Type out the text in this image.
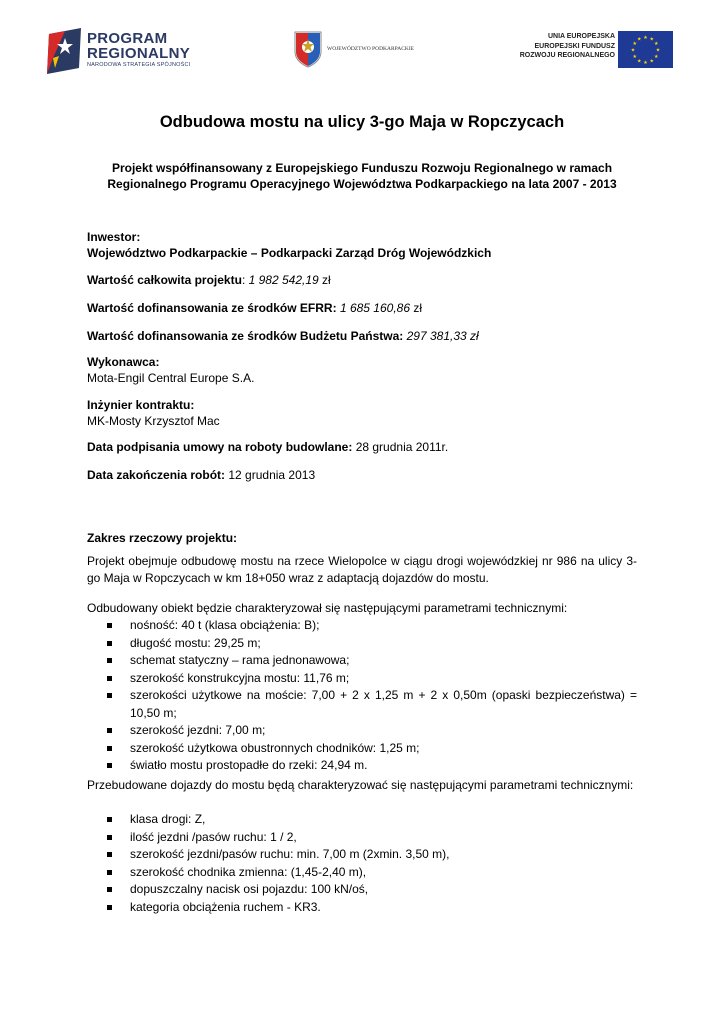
PROGRAM
REGIONALNY
NARODOWA STRATEGIA SPÓJNOŚCI
WOJEWÓDZTWO PODKARPACKIE
UNIA EUROPEJSKA
EUROPEJSKI FUNDUSZ
ROZWOJU REGIONALNEGO
★ ★
★
★
★
★
★
★
★
★
★
★
Odbudowa mostu na ulicy 3-go Maja w Ropczycach
Projekt współfinansowany z Europejskiego Funduszu Rozwoju Regionalnego w ramach
Regionalnego Programu Operacyjnego Województwa Podkarpackiego na lata 2007 - 2013
Inwestor:
Województwo Podkarpackie – Podkarpacki Zarząd Dróg Wojewódzkich
Wartość całkowita projektu: 1 982 542,19 zł
Wartość dofinansowania ze środków EFRR: 1 685 160,86 zł
Wartość dofinansowania ze środków Budżetu Państwa: 297 381,33 zł
Wykonawca:
Mota-Engil Central Europe S.A.
Inżynier kontraktu:
MK-Mosty Krzysztof Mac
Data podpisania umowy na roboty budowlane: 28 grudnia 2011r.
Data zakończenia robót: 12 grudnia 2013
Zakres rzeczowy projektu:
Projekt obejmuje odbudowę mostu na rzece Wielopolce w ciągu drogi wojewódzkiej nr 986 na ulicy 3-go Maja w Ropczycach w km 18+050 wraz z adaptacją dojazdów do mostu.
Odbudowany obiekt będzie charakteryzował się następującymi parametrami technicznymi:
nośność: 40 t (klasa obciążenia: B);
długość mostu: 29,25 m;
schemat statyczny – rama jednonawowa;
szerokość konstrukcyjna mostu: 11,76 m;
szerokości użytkowe na moście: 7,00 + 2 x 1,25 m + 2 x 0,50m (opaski bezpieczeństwa) = 10,50 m;
szerokość jezdni: 7,00 m;
szerokość użytkowa obustronnych chodników: 1,25 m;
światło mostu prostopadłe do rzeki: 24,94 m.
Przebudowane dojazdy do mostu będą charakteryzować się następującymi parametrami technicznymi:
klasa drogi: Z,
ilość jezdni /pasów ruchu: 1 / 2,
szerokość jezdni/pasów ruchu: min. 7,00 m (2xmin. 3,50 m),
szerokość chodnika zmienna: (1,45-2,40 m),
dopuszczalny nacisk osi pojazdu: 100 kN/oś,
kategoria obciążenia ruchem - KR3.
